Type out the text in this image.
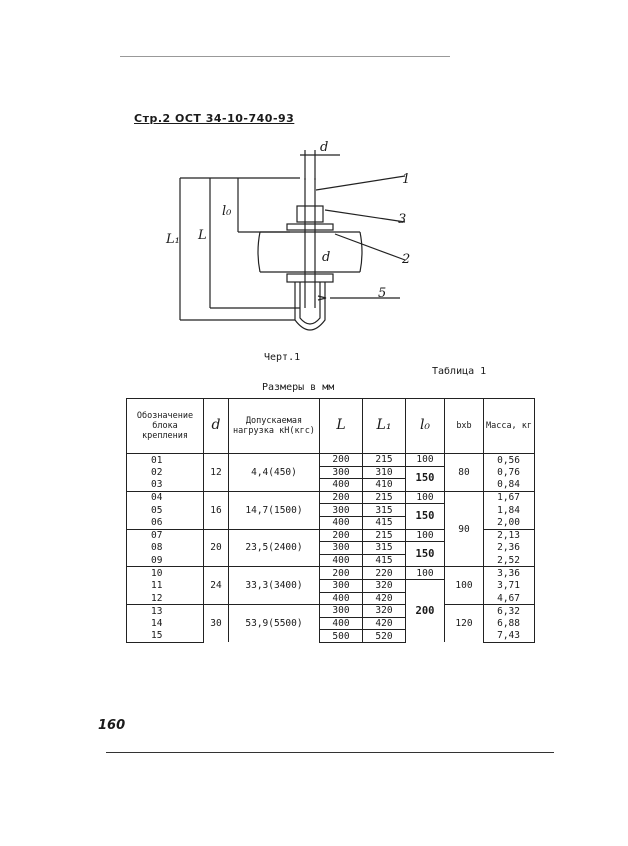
Стр.2 ОСТ 34-10-740-93
d
1
3
2
5
d
L₁ L
l₀
Черт.1
Таблица 1
Размеры в мм
Обозначение блока крепления	d	Допускаемая нагрузка кН(кгс)	L	L₁	l₀	bхb	Масса, кг
01	12	4,4(450)	200	215	100	80	0,56
02			300	310	150		0,76
03			400	410			0,84
04	16	14,7(1500)	200	215	100	90	1,67
05			300	315	150		1,84
06			400	415			2,00
07	20	23,5(2400)	200	215	100		2,13
08			300	315	150		2,36
09			400	415			2,52
10	24	33,3(3400)	200	220	100	100	3,36
11			300	320	200		3,71
12			400	420			4,67
13	30	53,9(5500)	300	320		120	6,32
14			400	420			6,88
15			500	520			7,43
160
